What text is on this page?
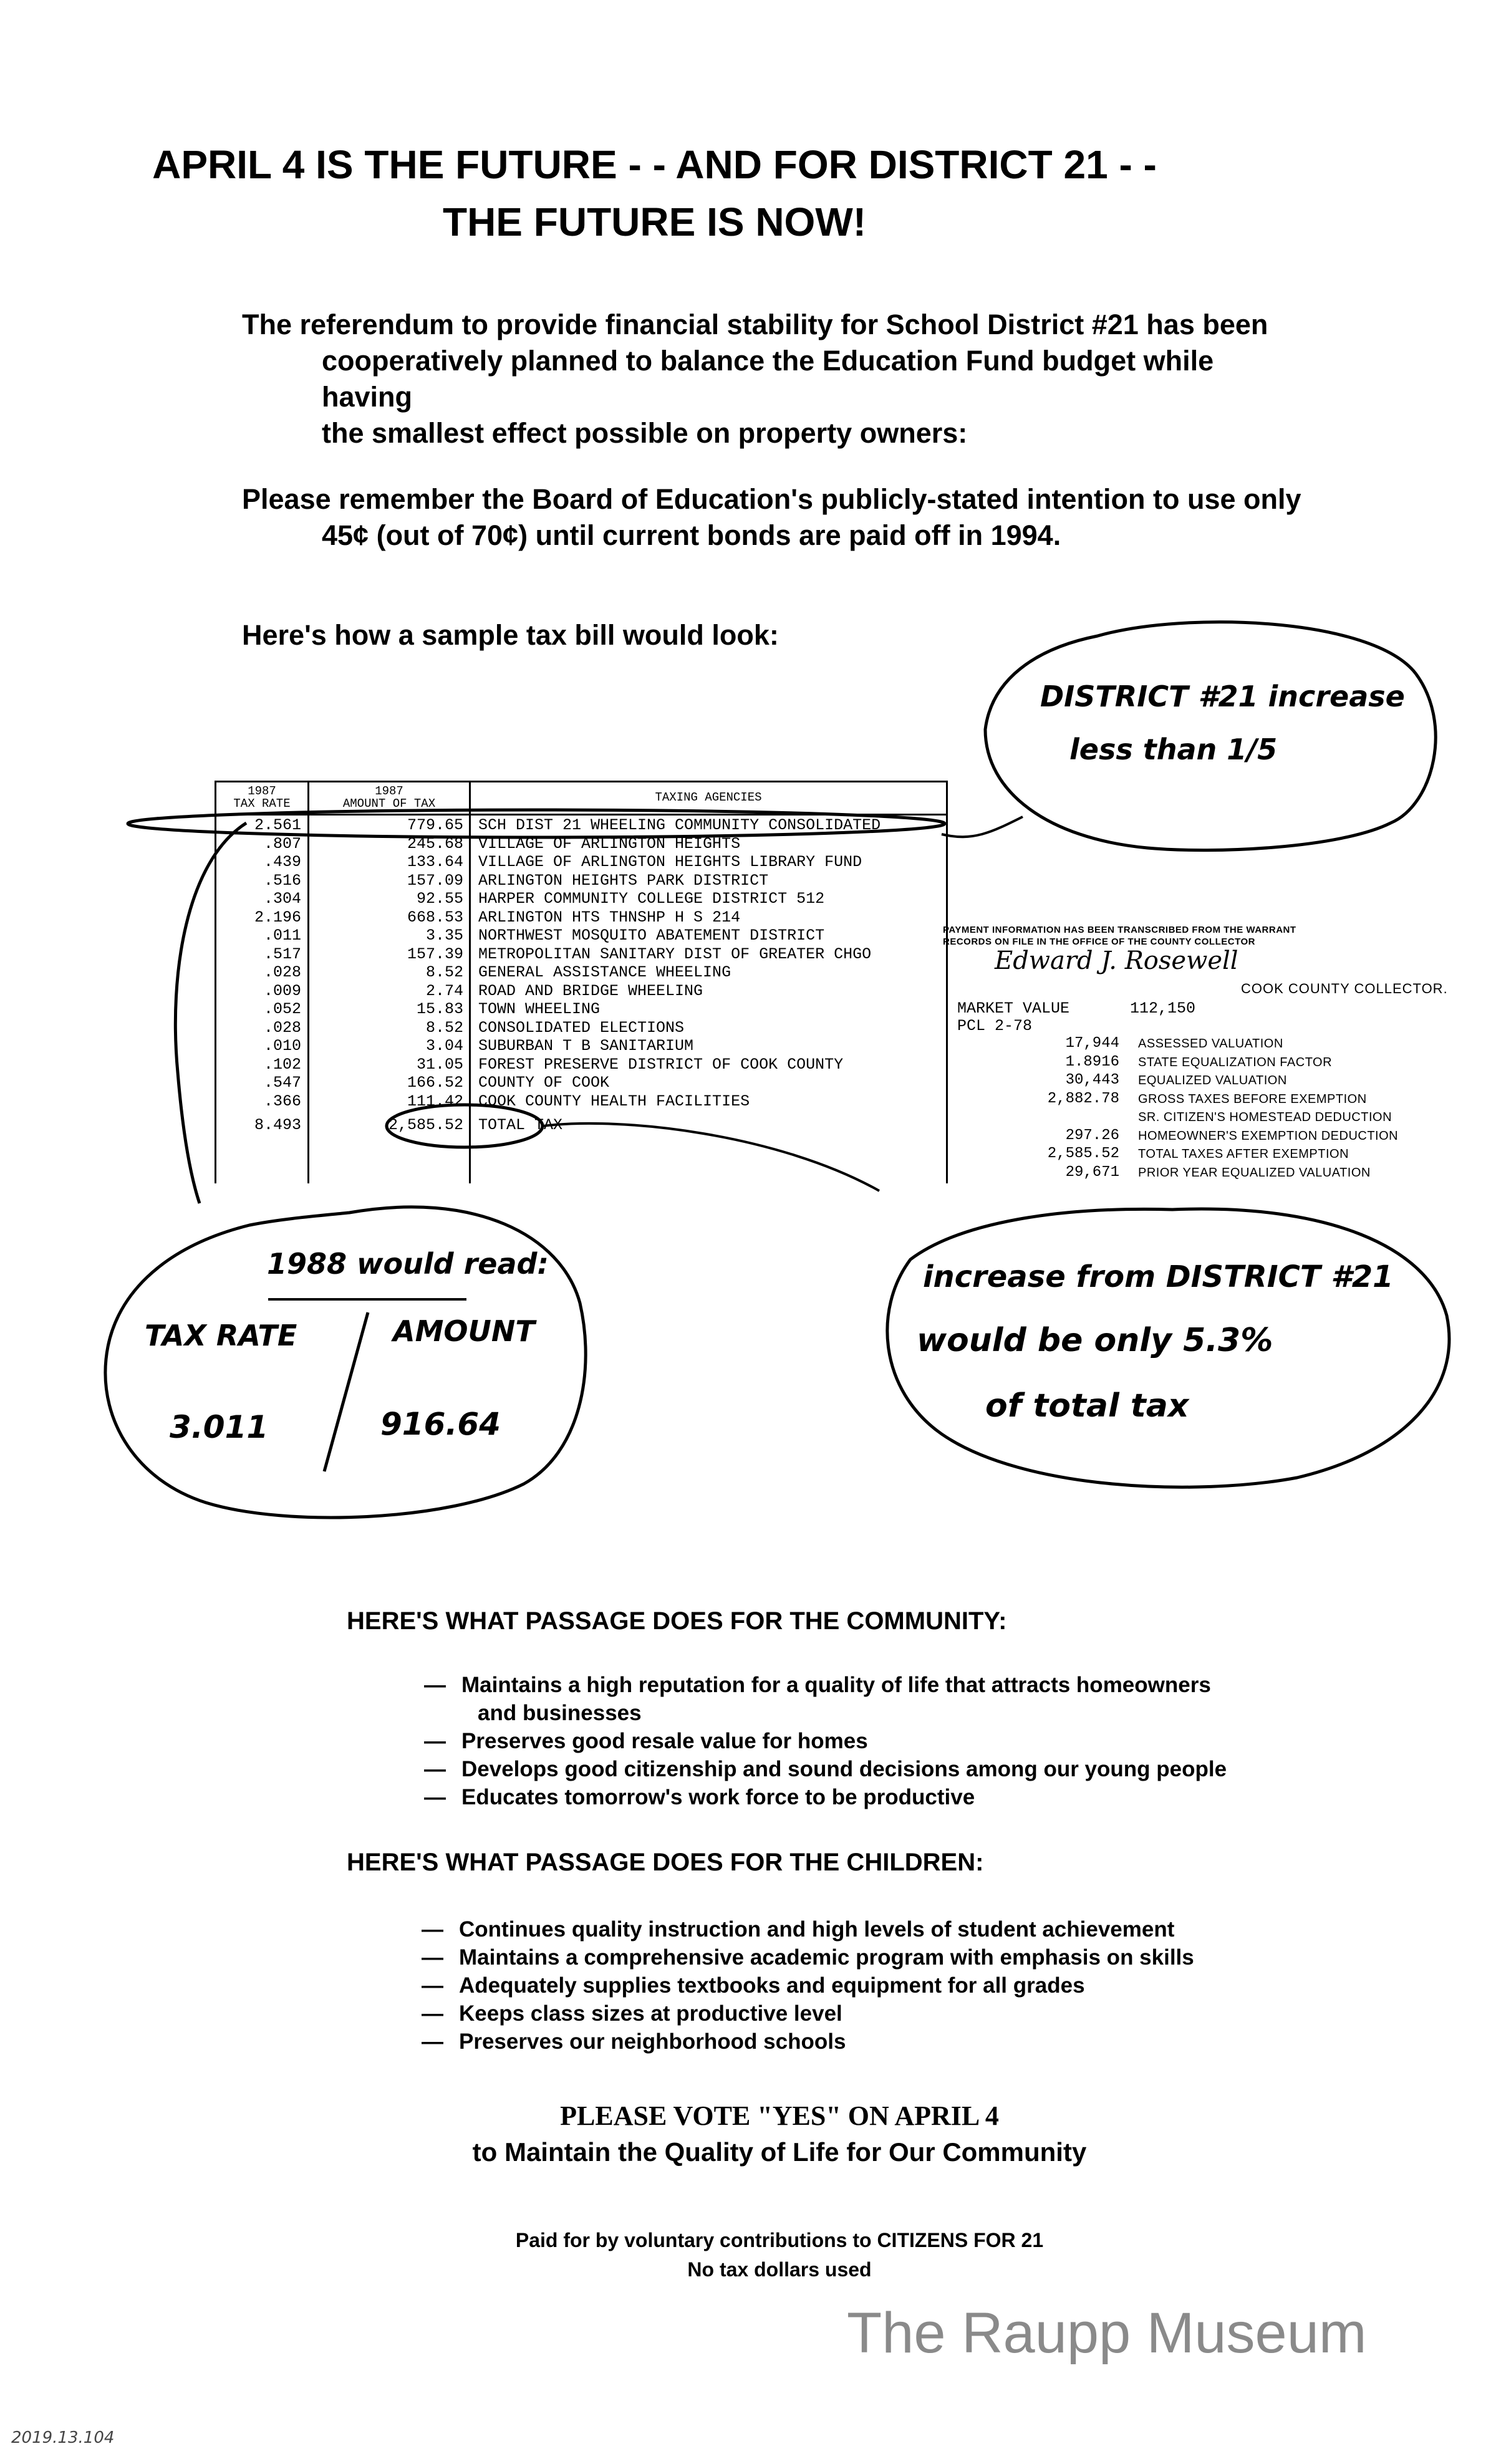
APRIL 4 IS THE FUTURE - - AND FOR DISTRICT 21 - -
THE FUTURE IS NOW!
The referendum to provide financial stability for School District #21 has been
cooperatively planned to balance the Education Fund budget while having
the smallest effect possible on property owners:
Please remember the Board of Education's publicly-stated intention to use only
45¢ (out of 70¢) until current bonds are paid off in 1994.
Here's how a sample tax bill would look:
1987
TAX RATE
1987
AMOUNT OF TAX	TAXING AGENCIES
2.561	779.65 SCH DIST 21 WHEELING COMMUNITY CONSOLIDATED
.807	245.68 VILLAGE OF ARLINGTON HEIGHTS
.439	133.64 VILLAGE OF ARLINGTON HEIGHTS LIBRARY FUND
.516	157.09 ARLINGTON HEIGHTS PARK DISTRICT
.304	92.55 HARPER COMMUNITY COLLEGE DISTRICT 512
2.196	668.53 ARLINGTON HTS THNSHP H S 214
.011	3.35 NORTHWEST MOSQUITO ABATEMENT DISTRICT
.517	157.39 METROPOLITAN SANITARY DIST OF GREATER CHGO
.028	8.52 GENERAL ASSISTANCE WHEELING
.009	2.74 ROAD AND BRIDGE WHEELING
.052	15.83 TOWN WHEELING
.028	8.52 CONSOLIDATED ELECTIONS
.010	3.04 SUBURBAN T B SANITARIUM
.102	31.05 FOREST PRESERVE DISTRICT OF COOK COUNTY
.547	166.52 COUNTY OF COOK
.366	111.42 COOK COUNTY HEALTH FACILITIES
8.493	2,585.52 TOTAL TAX
PAYMENT INFORMATION HAS BEEN TRANSCRIBED FROM THE WARRANT
RECORDS ON FILE IN THE OFFICE OF THE COUNTY COLLECTOR
Edward J. Rosewell
COOK COUNTY COLLECTOR.
MARKET VALUE	112,150
PCL 2-78
17,944 ASSESSED VALUATION
1.8916 STATE EQUALIZATION FACTOR
30,443 EQUALIZED VALUATION
2,882.78 GROSS TAXES BEFORE EXEMPTION
SR. CITIZEN'S HOMESTEAD DEDUCTION
297.26 HOMEOWNER'S EXEMPTION DEDUCTION
2,585.52 TOTAL TAXES AFTER EXEMPTION
29,671 PRIOR YEAR EQUALIZED VALUATION
DISTRICT #21 increase
less than 1/5
1988 would read:
TAX RATE	AMOUNT
3.011	916.64
increase from DISTRICT #21
would be only 5.3%
of total tax
HERE'S WHAT PASSAGE DOES FOR THE COMMUNITY:
— Maintains a high reputation for a quality of life that attracts homeowners
and businesses
— Preserves good resale value for homes
— Develops good citizenship and sound decisions among our young people
— Educates tomorrow's work force to be productive
HERE'S WHAT PASSAGE DOES FOR THE CHILDREN:
— Continues quality instruction and high levels of student achievement
— Maintains a comprehensive academic program with emphasis on skills
— Adequately supplies textbooks and equipment for all grades
— Keeps class sizes at productive level
— Preserves our neighborhood schools
PLEASE VOTE "YES" ON APRIL 4
to Maintain the Quality of Life for Our Community
Paid for by voluntary contributions to CITIZENS FOR 21
No tax dollars used
The Raupp Museum
2019.13.104
